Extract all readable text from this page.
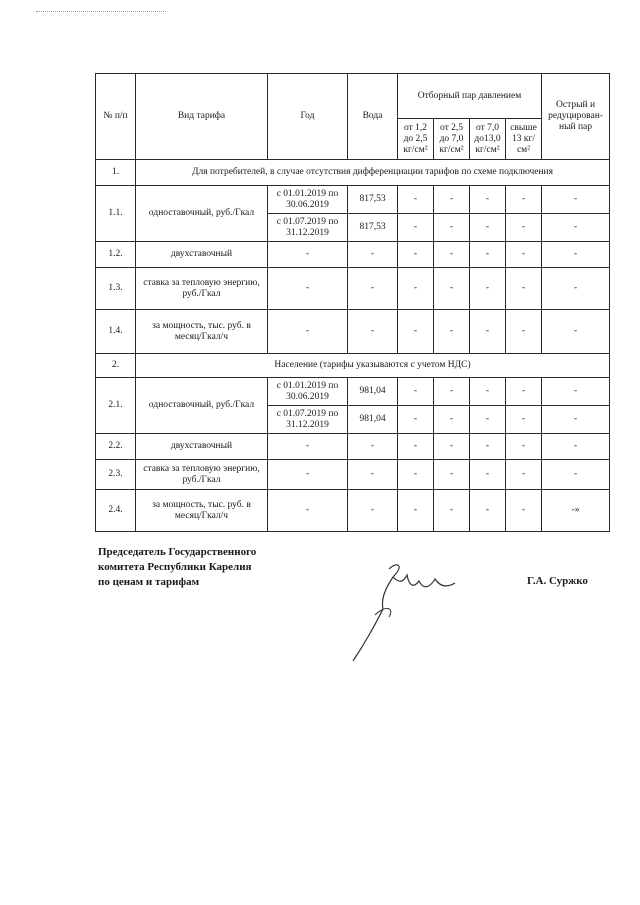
№ п/п	Вид тарифа	Год	Вода	Отборный пар давлением				Острый и редуцирован-ный пар
				от 1,2 до 2,5 кг/см²	от 2,5 до 7,0 кг/см²	от 7,0 до13,0 кг/см²	свыше 13 кг/см²	
1.	Для потребителей, в случае отсутствия дифференциации тарифов по схеме подключения							
1.1.	одноставочный, руб./Гкал	с 01.01.2019 по 30.06.2019	817,53	-	-	-	-	-
		с 01.07.2019 по 31.12.2019	817,53	-	-	-	-	-
1.2.	двухставочный	-	-	-	-	-	-	-
1.3.	ставка за тепловую энергию, руб./Гкал	-	-	-	-	-	-	-
1.4.	за мощность, тыс. руб. в месяц/Гкал/ч	-	-	-	-	-	-	-
2.	Население (тарифы указываются с учетом НДС)							
2.1.	одноставочный, руб./Гкал	с 01.01.2019 по 30.06.2019	981,04	-	-	-	-	-
		с 01.07.2019 по 31.12.2019	981,04	-	-	-	-	-
2.2.	двухставочный	-	-	-	-	-	-	-
2.3.	ставка за тепловую энергию, руб./Гкал	-	-	-	-	-	-	-
2.4.	за мощность, тыс. руб. в месяц/Гкал/ч	-	-	-	-	-	-	-»
Председатель Государственного
комитета Республики Карелия
по ценам и тарифам	Г.А. Суржко
